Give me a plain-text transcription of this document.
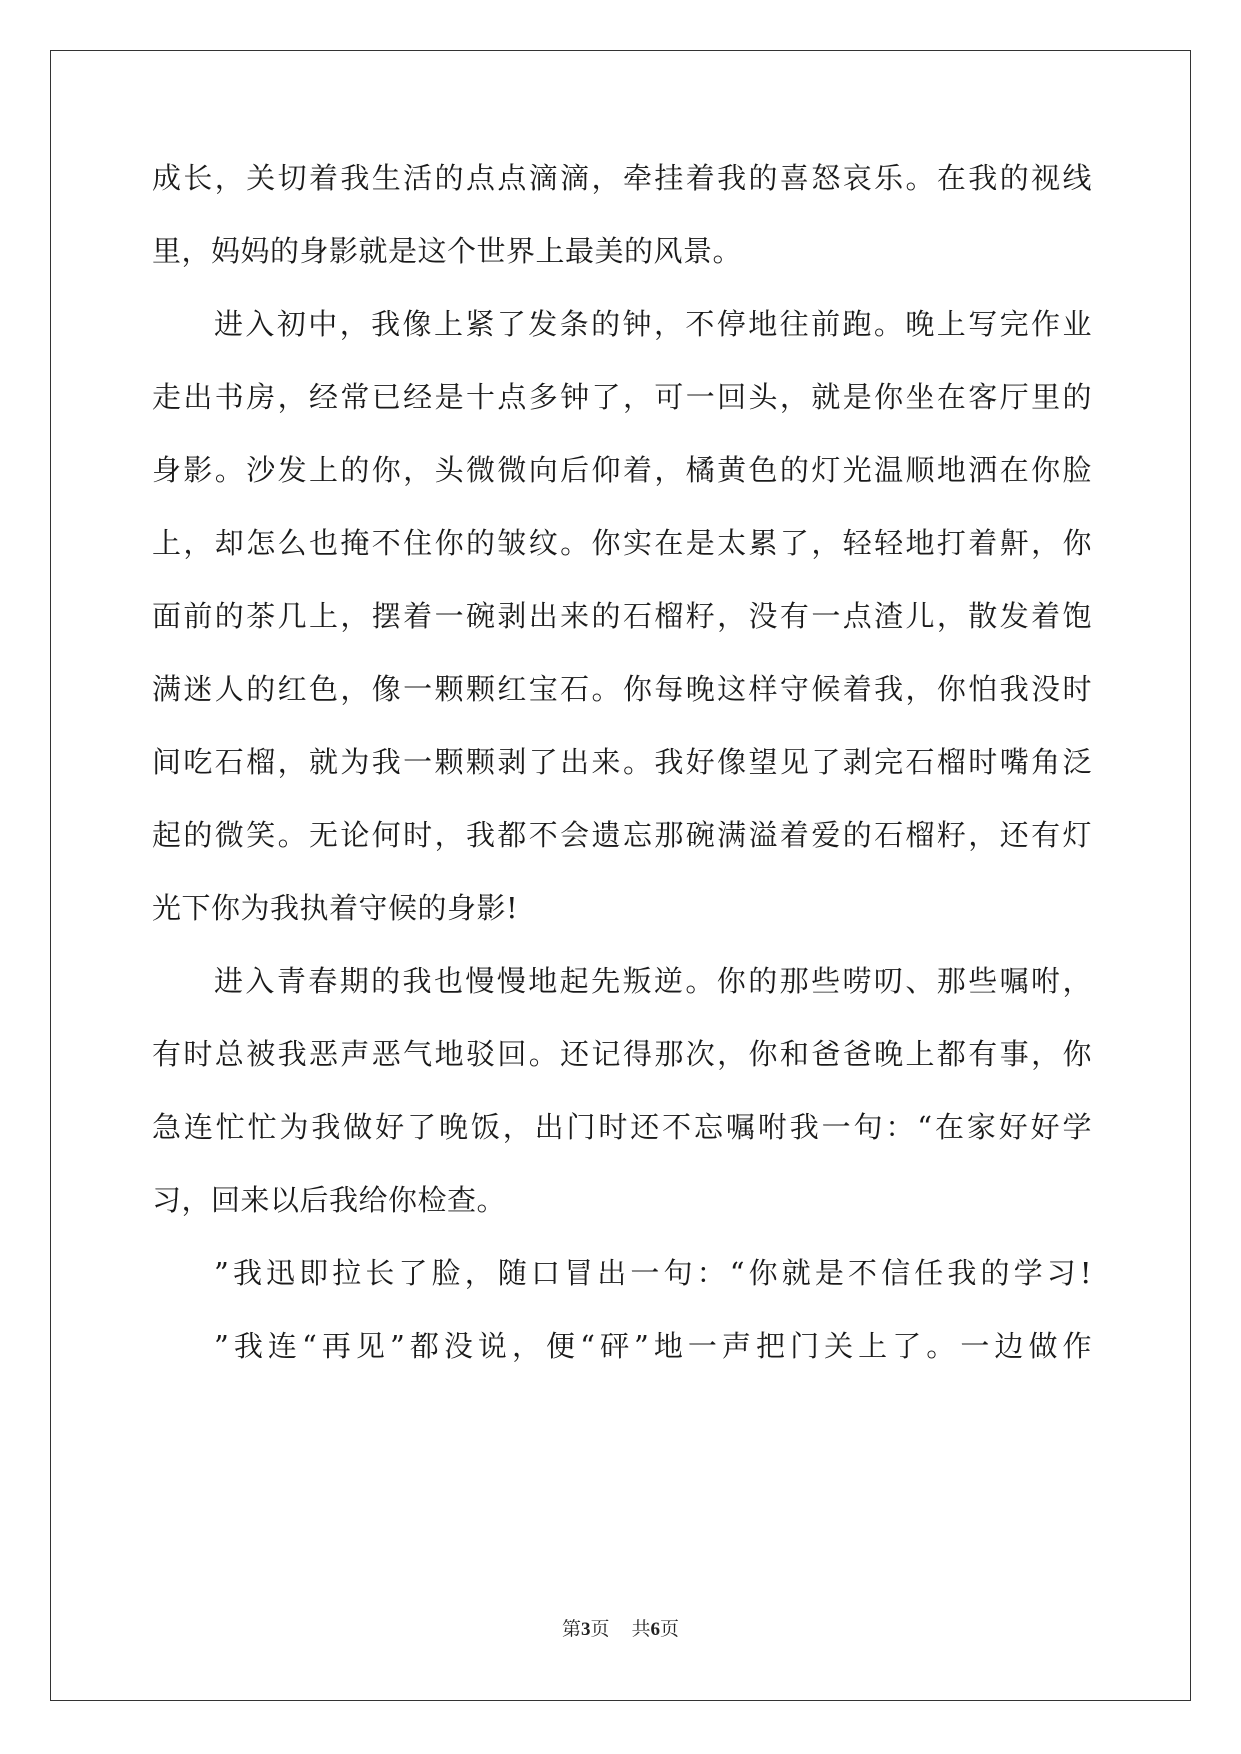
成长，关切着我生活的点点滴滴，牵挂着我的喜怒哀乐。在我的视线
里，妈妈的身影就是这个世界上最美的风景。
进入初中，我像上紧了发条的钟，不停地往前跑。晚上写完作业
走出书房，经常已经是十点多钟了，可一回头，就是你坐在客厅里的
身影。沙发上的你，头微微向后仰着，橘黄色的灯光温顺地洒在你脸
上，却怎么也掩不住你的皱纹。你实在是太累了，轻轻地打着鼾，你
面前的茶几上，摆着一碗剥出来的石榴籽，没有一点渣儿，散发着饱
满迷人的红色，像一颗颗红宝石。你每晚这样守候着我，你怕我没时
间吃石榴，就为我一颗颗剥了出来。我好像望见了剥完石榴时嘴角泛
起的微笑。无论何时，我都不会遗忘那碗满溢着爱的石榴籽，还有灯
光下你为我执着守候的身影!
进入青春期的我也慢慢地起先叛逆。你的那些唠叨、那些嘱咐，
有时总被我恶声恶气地驳回。还记得那次，你和爸爸晚上都有事，你
急连忙忙为我做好了晚饭，出门时还不忘嘱咐我一句：“在家好好学
习，回来以后我给你检查。
”我迅即拉长了脸，随口冒出一句：“你就是不信任我的学习!
”我连“再见”都没说，便“砰”地一声把门关上了。一边做作
第3页 共6页
